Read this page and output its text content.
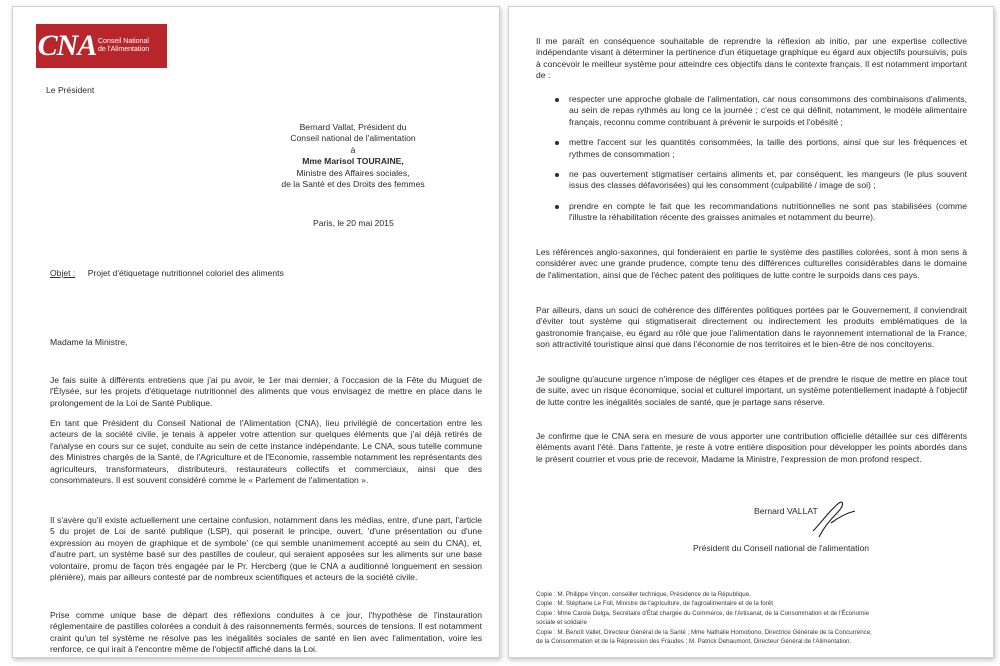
CNA Conseil National
de l'Alimentation
Le Président
Bernard Vallat, Président du
Conseil national de l'alimentation
à
Mme Marisol TOURAINE,
Ministre des Affaires sociales,
de la Santé et des Droits des femmes
Paris, le 20 mai 2015
Objet : Projet d'étiquetage nutritionnel coloriel des aliments
Madame la Ministre,
Je fais suite à différents entretiens que j'ai pu avoir, le 1er mai dernier, à l'occasion de la Fête du Muguet de l'Élysée, sur les projets d'étiquetage nutritionnel des aliments que vous envisagez de mettre en place dans le prolongement de la Loi de Santé Publique.
En tant que Président du Conseil National de l'Alimentation (CNA), lieu privilégié de concertation entre les acteurs de la société civile, je tenais à appeler votre attention sur quelques éléments que j'ai déjà retirés de l'analyse en cours sur ce sujet, conduite au sein de cette instance indépendante. Le CNA, sous tutelle commune des Ministres chargés de la Santé, de l'Agriculture et de l'Economie, rassemble notamment les représentants des agriculteurs, transformateurs, distributeurs, restaurateurs collectifs et commerciaux, ainsi que des consommateurs. Il est souvent considéré comme le « Parlement de l'alimentation ».
Il s'avère qu'il existe actuellement une certaine confusion, notamment dans les médias, entre, d'une part, l'article 5 du projet de Loi de santé publique (LSP), qui poserait le principe, ouvert, 'd'une présentation ou d'une expression au moyen de graphique et de symbole' (ce qui semble unanimement accepté au sein du CNA), et, d'autre part, un système basé sur des pastilles de couleur, qui seraient apposées sur les aliments sur une base volontaire, promu de façon très engagée par le Pr. Hercberg (que le CNA a auditionné longuement en session plénière), mais par ailleurs contesté par de nombreux scientifiques et acteurs de la société civile.
Prise comme unique base de départ des réflexions conduites à ce jour, l'hypothèse de l'instauration réglementaire de pastilles colorées a conduit à des raisonnements fermés, sources de tensions. Il est notamment craint qu'un tel système ne résolve pas les inégalités sociales de santé en lien avec l'alimentation, voire les renforce, ce qui irait à l'encontre même de l'objectif affiché dans la Loi.
Il me paraît en conséquence souhaitable de reprendre la réflexion ab initio, par une expertise collective indépendante visant à déterminer la pertinence d'un étiquetage graphique eu égard aux objectifs poursuivis, puis à concevoir le meilleur système pour atteindre ces objectifs dans le contexte français. Il est notamment important de :
respecter une approche globale de l'alimentation, car nous consommons des combinaisons d'aliments, au sein de repas rythmés au long ce la journée ; c'est ce qui définit, notamment, le modèle alimentaire français, reconnu comme contribuant à prévenir le surpoids et l'obésité ;
mettre l'accent sur les quantités consommées, la taille des portions, ainsi que sur les fréquences et rythmes de consommation ;
ne pas ouvertement stigmatiser certains aliments et, par conséquent, les mangeurs (le plus souvent issus des classes défavorisées) qui les consomment (culpabilité / image de soi) ;
prendre en compte le fait que les recommandations nutritionnelles ne sont pas stabilisées (comme l'illustre la réhabilitation récente des graisses animales et notamment du beurre).
Les références anglo-saxonnes, qui fonderaient en partie le système des pastilles colorées, sont à mon sens à considérer avec une grande prudence, compte tenu des différences culturelles considérables dans le domaine de l'alimentation, ainsi que de l'échec patent des politiques de lutte contre le surpoids dans ces pays.
Par ailleurs, dans un souci de cohérence des différentes politiques portées par le Gouvernement, il conviendrait d'éviter tout système qui stigmatiserait directement ou indirectement les produits emblématiques de la gastronomie française, eu égard au rôle que joue l'alimentation dans le rayonnement international de la France, son attractivité touristique ainsi que dans l'économie de nos territoires et le bien-être de nos concitoyens.
Je souligne qu'aucune urgence n'impose de négliger ces étapes et de prendre le risque de mettre en place tout de suite, avec un risque économique, social et culturel important, un système potentiellement inadapté à l'objectif de lutte contre les inégalités sociales de santé, que je partage sans réserve.
Je confirme que le CNA sera en mesure de vous apporter une contribution officielle détaillée sur ces différents éléments avant l'été. Dans l'attente, je reste à votre entière disposition pour développer les points abordés dans le présent courrier et vous prie de recevoir, Madame la Ministre, l'expression de mon profond respect.
Bernard VALLAT
Président du Conseil national de l'alimentation
Copie : M. Philippe Vinçon, conseiller technique, Présidence de la République.
Copie : M. Stéphane Le Foll, Ministre de l'agriculture, de l'agroalimentaire et de la forêt
Copie : Mme Carole Delga, Secrétaire d'État chargée du Commerce, de l'Artisanat, de la Consommation et de l'Économie
sociale et solidaire
Copie : M. Benoît Vallet, Directeur Général de la Santé ; Mme Nathalie Homobono, Directrice Générale de la Concurrence,
de la Consommation et de la Répression des Fraudes ; M. Patrick Dehaumont, Directeur Général de l'Alimentation.
